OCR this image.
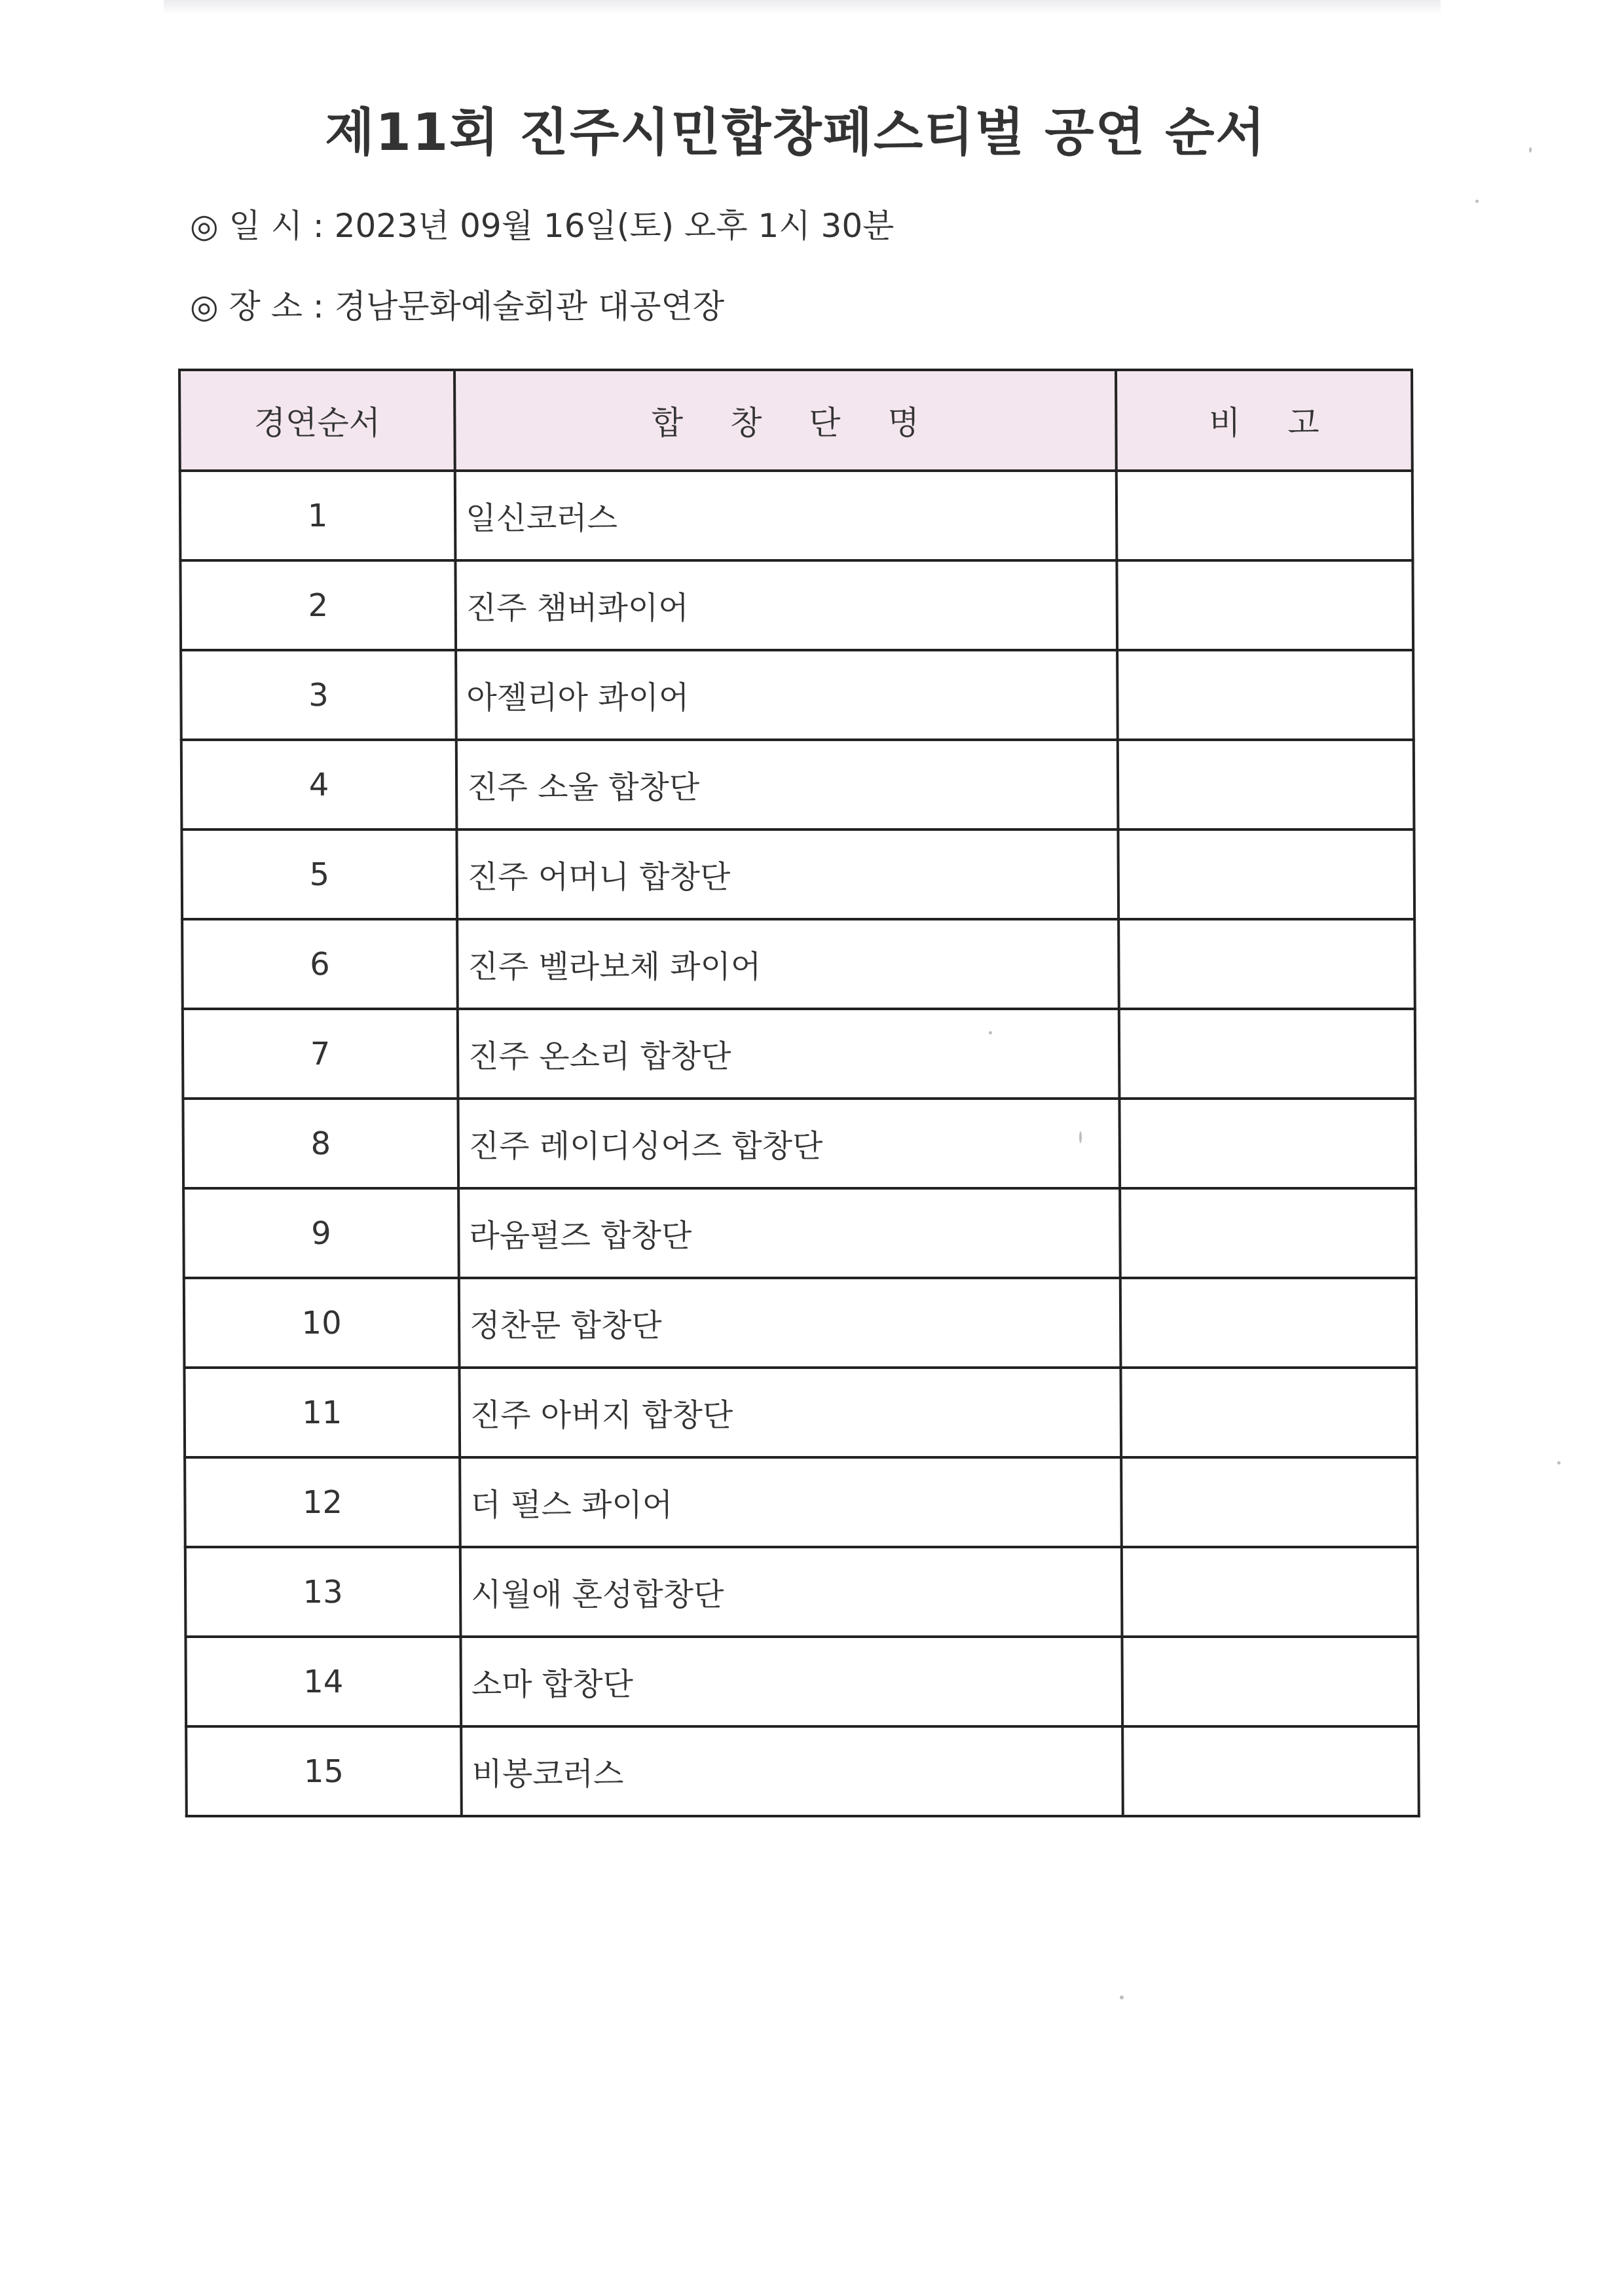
제11회 진주시민합창페스티벌 공연 순서
◎ 일 시 : 2023년 09월 16일(토) 오후 1시 30분
◎ 장 소 : 경남문화예술회관 대공연장
경연순서	합 창 단 명	비 고
1	일신코러스	
2	진주 챔버콰이어	
3	아젤리아 콰이어	
4	진주 소울 합창단	
5	진주 어머니 합창단	
6	진주 벨라보체 콰이어	
7	진주 온소리 합창단	
8	진주 레이디싱어즈 합창단	
9	라움펄즈 합창단	
10	정찬문 합창단	
11	진주 아버지 합창단	
12	더 펄스 콰이어	
13	시월애 혼성합창단	
14	소마 합창단	
15	비봉코러스	
